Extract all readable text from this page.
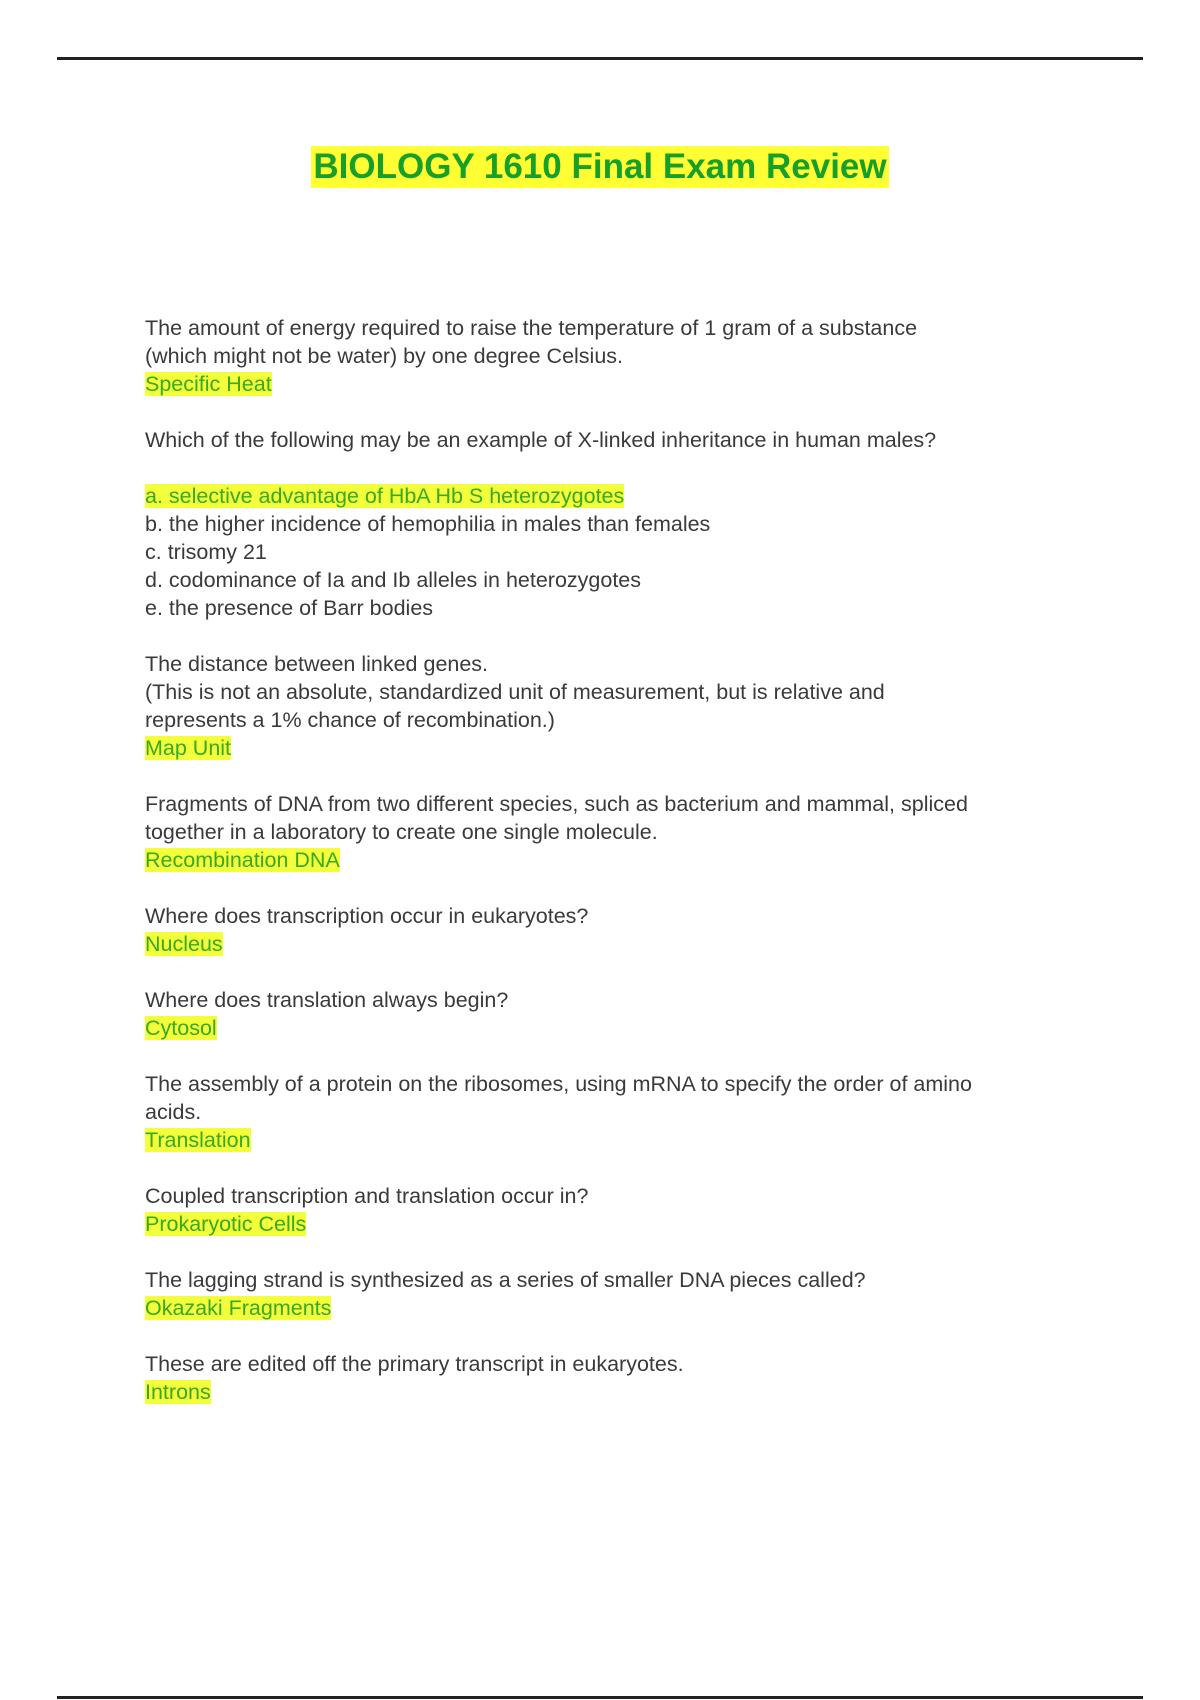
BIOLOGY 1610 Final Exam Review
The amount of energy required to raise the temperature of 1 gram of a substance
(which might not be water) by one degree Celsius.
Specific Heat
Which of the following may be an example of X-linked inheritance in human males?
a. selective advantage of HbA Hb S heterozygotes
b. the higher incidence of hemophilia in males than females
c. trisomy 21
d. codominance of Ia and Ib alleles in heterozygotes
e. the presence of Barr bodies
The distance between linked genes.
(This is not an absolute, standardized unit of measurement, but is relative and
represents a 1% chance of recombination.)
Map Unit
Fragments of DNA from two different species, such as bacterium and mammal, spliced
together in a laboratory to create one single molecule.
Recombination DNA
Where does transcription occur in eukaryotes?
Nucleus
Where does translation always begin?
Cytosol
The assembly of a protein on the ribosomes, using mRNA to specify the order of amino
acids.
Translation
Coupled transcription and translation occur in?
Prokaryotic Cells
The lagging strand is synthesized as a series of smaller DNA pieces called?
Okazaki Fragments
These are edited off the primary transcript in eukaryotes.
Introns
